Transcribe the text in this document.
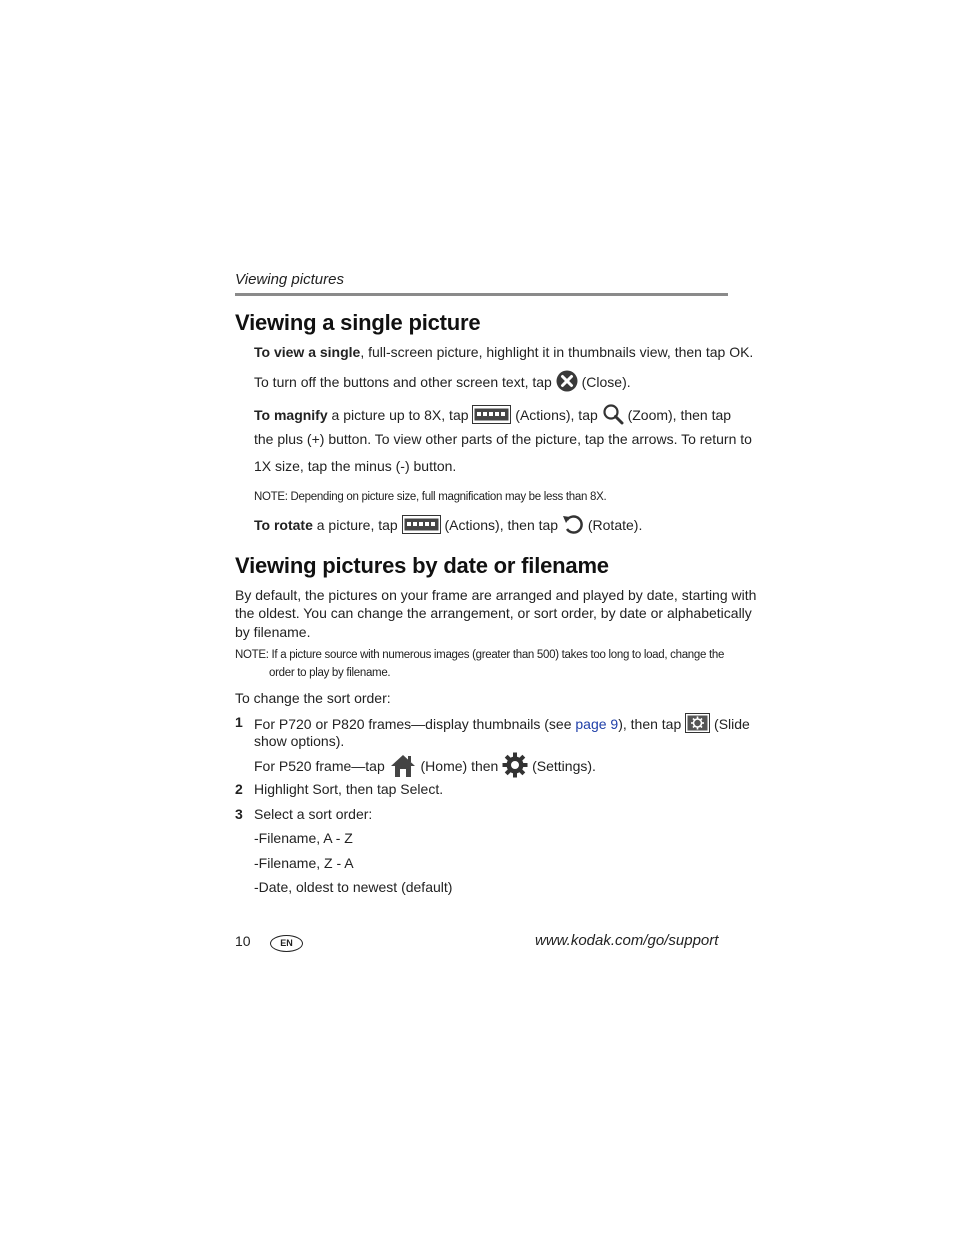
Viewing pictures
Viewing a single picture
To view a single, full-screen picture, highlight it in thumbnails view, then tap OK.
To turn off the buttons and other screen text, tap (Close).
To magnify a picture up to 8X, tap	(Actions), tap (Zoom), then tap
the plus (+) button. To view other parts of the picture, tap the arrows. To return to
1X size, tap the minus (-) button.
NOTE: Depending on picture size, full magnification may be less than 8X.
To rotate a picture, tap	(Actions), then tap (Rotate).
Viewing pictures by date or filename
By default, the pictures on your frame are arranged and played by date, starting with
the oldest. You can change the arrangement, or sort order, by date or alphabetically
by filename.
NOTE: If a picture source with numerous images (greater than 500) takes too long to load, change the
order to play by filename.
To change the sort order:
1 For P720 or P820 frames—display thumbnails (see page 9), then tap (Slide
show options).
For P520 frame—tap	(Home) then (Settings).
2 Highlight Sort, then tap Select.
3 Select a sort order:
-Filename, A - Z
-Filename, Z - A
-Date, oldest to newest (default)
10	EN	www.kodak.com/go/support
